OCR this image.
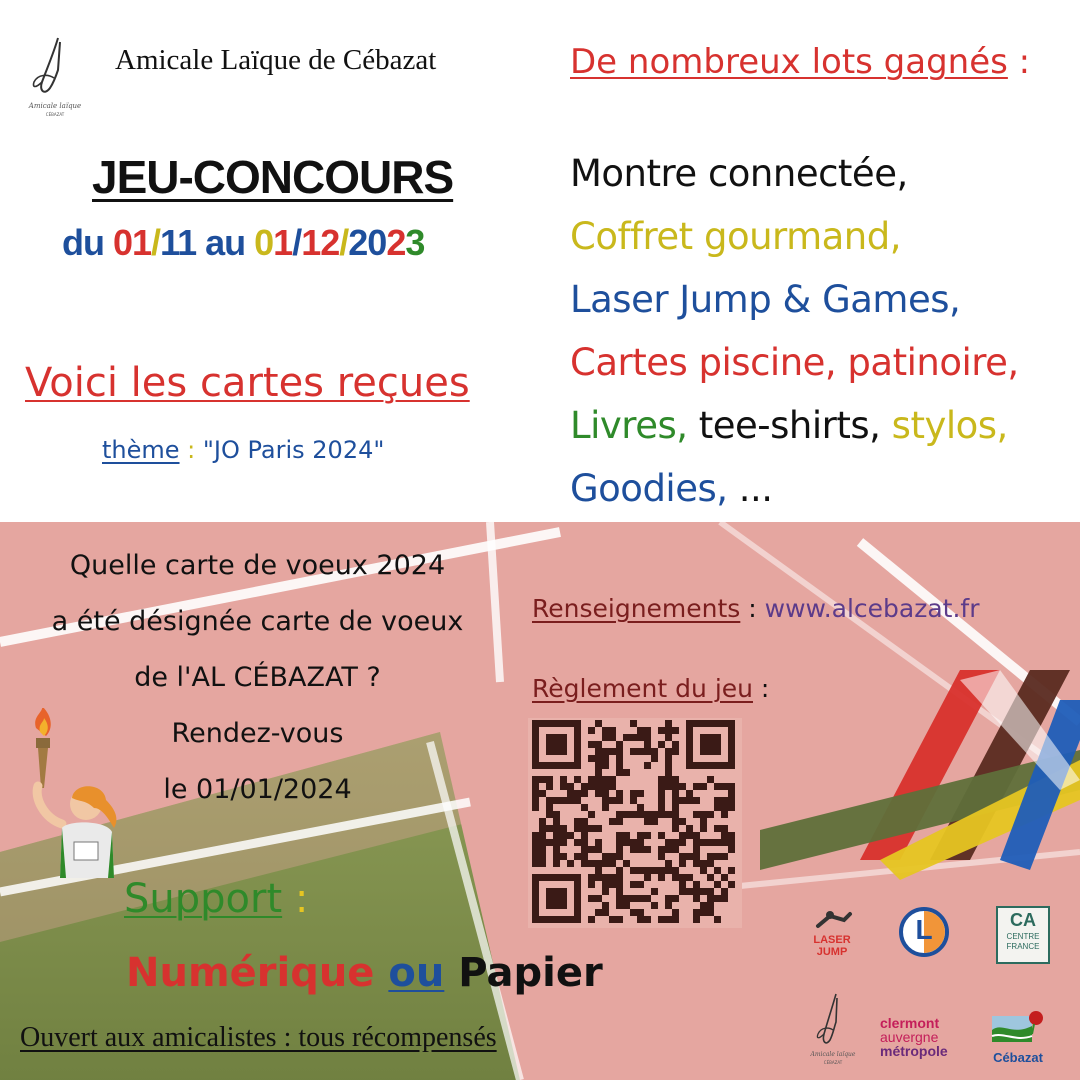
Amicale laïque
CÉBAZAT
Amicale Laïque de Cébazat
JEU-CONCOURS
du 01/11 au 01/12/2023
Voici les cartes reçues
thème : "JO Paris 2024"
De nombreux lots gagnés :
Montre connectée,
Coffret gourmand,
Laser Jump & Games,
Cartes piscine, patinoire,
Livres, tee-shirts, stylos,
Goodies, ...
Quelle carte de voeux 2024
a été désignée carte de voeux
de l'AL CÉBAZAT ?
Rendez-vous
le 01/01/2024
Renseignements : www.alcebazat.fr
Règlement du jeu :
Support :
Numérique ou Papier
Ouvert aux amicalistes : tous récompensés
LASER JUMP
L	CA
CENTRE FRANCE
Amicale laïque
CÉBAZAT
clermont
auvergne
métropole	Cébazat
